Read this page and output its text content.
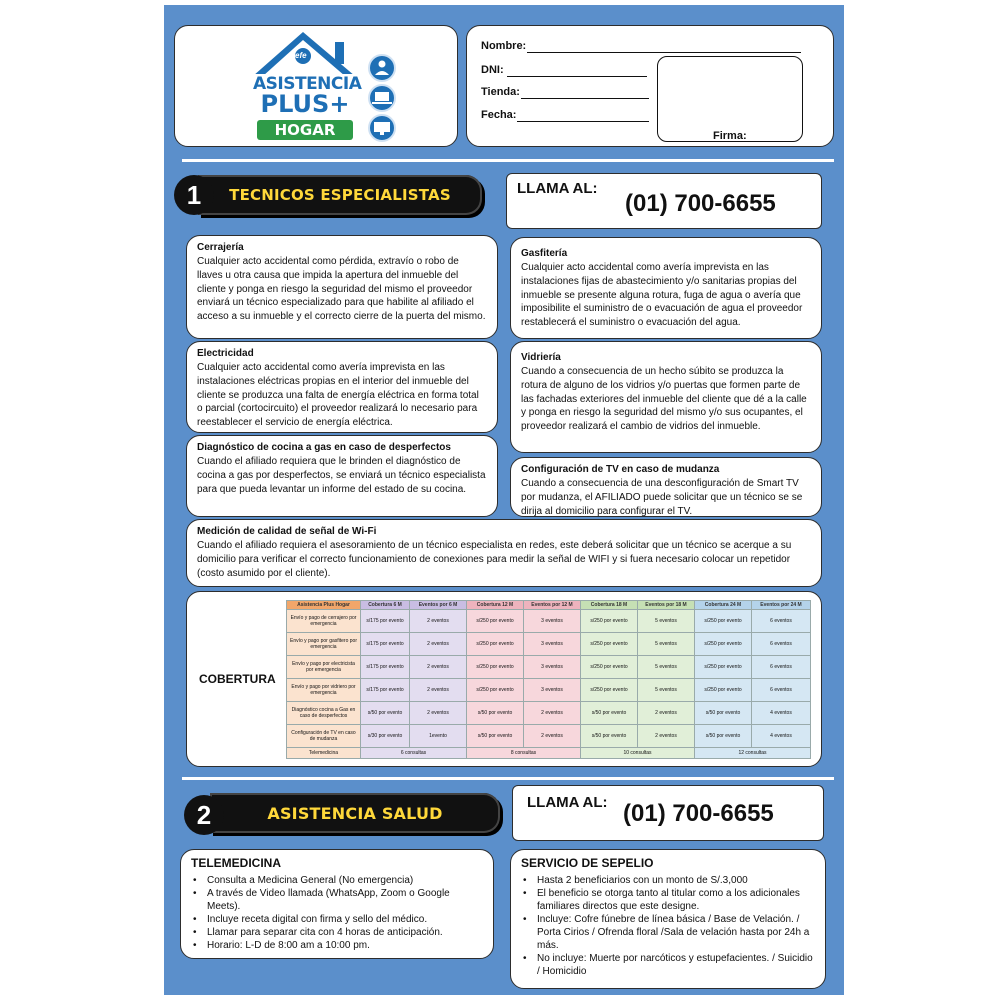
efe
ASISTENCIA
PLUS+
HOGAR
Nombre:
DNI:
Tienda:
Fecha:
Firma:
TECNICOS ESPECIALISTAS
1	LLAMA AL:
(01) 700-6655
Cerrajería
Cualquier acto accidental como pérdida, extravío o robo de llaves u otra causa que impida la apertura del inmueble del cliente y ponga en riesgo la seguridad del mismo el proveedor enviará un técnico especializado para que habilite al afiliado el acceso a su inmueble y el correcto cierre de la puerta del mismo.
Gasfitería
Cualquier acto accidental como avería imprevista en las instalaciones fijas de abastecimiento y/o sanitarias propias del inmueble se presente alguna rotura, fuga de agua o avería que imposibilite el suministro de o evacuación de agua el proveedor restablecerá el suministro o evacuación del agua.
Electricidad
Cualquier acto accidental como avería imprevista en las instalaciones eléctricas propias en el interior del inmueble del cliente se produzca una falta de energía eléctrica en forma total o parcial (cortocircuito) el proveedor realizará lo necesario para reestablecer el servicio de energía eléctrica.
Vidriería
Cuando a consecuencia de un hecho súbito se produzca la rotura de alguno de los vidrios y/o puertas que formen parte de las fachadas exteriores del inmueble del cliente que dé a la calle y ponga en riesgo la seguridad del mismo y/o sus ocupantes, el proveedor realizará el cambio de vidrios del inmueble.
Diagnóstico de cocina a gas en caso de desperfectos
Cuando el afiliado requiera que le brinden el diagnóstico de cocina a gas por desperfectos, se enviará un técnico especialista para que pueda levantar un informe del estado de su cocina.
Configuración de TV en caso de mudanza
Cuando a consecuencia de una desconfiguración de Smart TV por mudanza, el AFILIADO puede solicitar que un técnico se se dirija al domicilio para configurar el TV.
Medición de calidad de señal de Wi-Fi
Cuando el afiliado requiera el asesoramiento de un técnico especialista en redes, este deberá solicitar que un técnico se acerque a su domicilio para verificar el correcto funcionamiento de conexiones para medir la señal de WIFI y si fuera necesario colocar un repetidor (costo asumido por el cliente).
COBERTURA
Asistencia Plus Hogar	Cobertura 6 M	Eventos por 6 M	Cobertura 12 M	Eventos por 12 M	Cobertura 18 M	Eventos por 18 M	Cobertura 24 M	Eventos por 24 M
Envío y pago de cerrajero por emergencia	s/175 por evento	2 eventos	s/250 por evento	3 eventos	s/250 por evento	5 eventos	s/250 por evento	6 eventos
Envío y pago por gasfitero por emergencia	s/175 por evento	2 eventos	s/250 por evento	3 eventos	s/250 por evento	5 eventos	s/250 por evento	6 eventos
Envío y pago por electricista por emergencia	s/175 por evento	2 eventos	s/250 por evento	3 eventos	s/250 por evento	5 eventos	s/250 por evento	6 eventos
Envío y pago por vidriero por emergencia	s/175 por evento	2 eventos	s/250 por evento	3 eventos	s/250 por evento	5 eventos	s/250 por evento	6 eventos
Diagnóstico cocina a Gas en caso de desperfectos	s/50 por evento	2 eventos	s/50 por evento	2 eventos	s/50 por evento	2 eventos	s/50 por evento	4 eventos
Configuración de TV en caso de mudanza	s/30 por evento	1evento	s/50 por evento	2 eventos	s/50 por evento	2 eventos	s/50 por evento	4 eventos
Telemedicina	6 consultas		8 consultas		10 consultas		12 consultas	
ASISTENCIA SALUD
2	LLAMA AL: (01) 700-6655
TELEMEDICINA
• Consulta a Medicina General (No emergencia)
• A través de Video llamada (WhatsApp, Zoom o Google Meets).
• Incluye receta digital con firma y sello del médico.
• Llamar para separar cita con 4 horas de anticipación.
• Horario: L-D de 8:00 am a 10:00 pm.
SERVICIO DE SEPELIO
• Hasta 2 beneficiarios con un monto de S/.3,000
• El beneficio se otorga tanto al titular como a los adicionales familiares directos que este designe.
• Incluye: Cofre fúnebre de línea básica / Base de Velación. / Porta Cirios / Ofrenda floral /Sala de velación hasta por 24h a más.
• No incluye: Muerte por narcóticos y estupefacientes. / Suicidio / Homicidio
